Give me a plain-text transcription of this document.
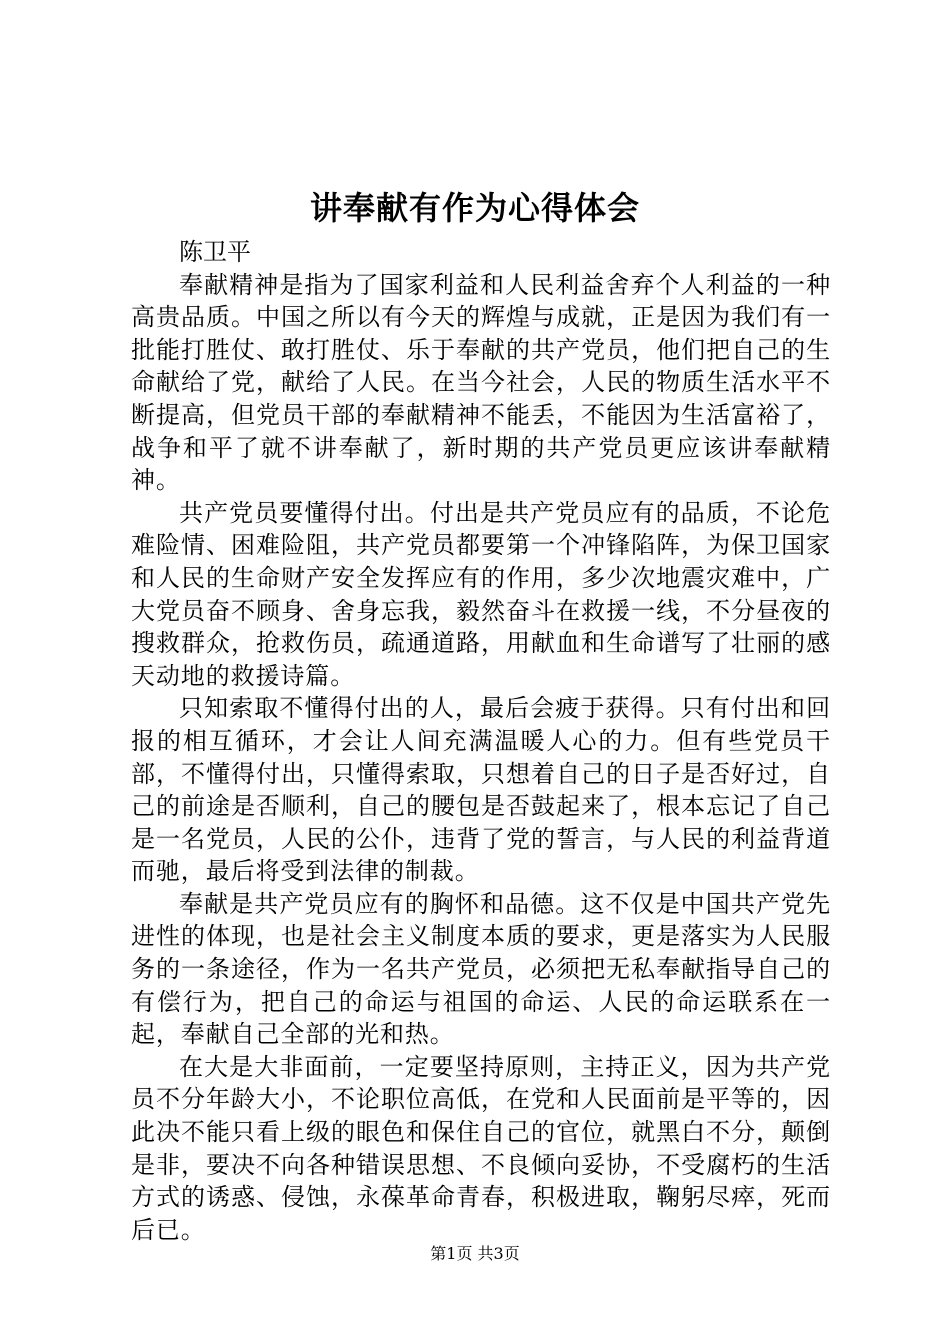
讲奉献有作为心得体会

陈卫平

奉献精神是指为了国家利益和人民利益舍弃个人利益的一种高贵品质。中国之所以有今天的辉煌与成就，正是因为我们有一批能打胜仗、敢打胜仗、乐于奉献的共产党员，他们把自己的生命献给了党，献给了人民。在当今社会，人民的物质生活水平不断提高，但党员干部的奉献精神不能丢，不能因为生活富裕了，战争和平了就不讲奉献了，新时期的共产党员更应该讲奉献精神。

共产党员要懂得付出。付出是共产党员应有的品质，不论危难险情、困难险阻，共产党员都要第一个冲锋陷阵，为保卫国家和人民的生命财产安全发挥应有的作用，多少次地震灾难中，广大党员奋不顾身、舍身忘我，毅然奋斗在救援一线，不分昼夜的搜救群众，抢救伤员，疏通道路，用献血和生命谱写了壮丽的感天动地的救援诗篇。

只知索取不懂得付出的人，最后会疲于获得。只有付出和回报的相互循环，才会让人间充满温暖人心的力。但有些党员干部，不懂得付出，只懂得索取，只想着自己的日子是否好过，自己的前途是否顺利，自己的腰包是否鼓起来了，根本忘记了自己是一名党员，人民的公仆，违背了党的誓言，与人民的利益背道而驰，最后将受到法律的制裁。

奉献是共产党员应有的胸怀和品德。这不仅是中国共产党先进性的体现，也是社会主义制度本质的要求，更是落实为人民服务的一条途径，作为一名共产党员，必须把无私奉献指导自己的有偿行为，把自己的命运与祖国的命运、人民的命运联系在一起，奉献自己全部的光和热。

在大是大非面前，一定要坚持原则，主持正义，因为共产党员不分年龄大小，不论职位高低，在党和人民面前是平等的，因此决不能只看上级的眼色和保住自己的官位，就黑白不分，颠倒是非，要决不向各种错误思想、不良倾向妥协，不受腐朽的生活方式的诱惑、侵蚀，永葆革命青春，积极进取，鞠躬尽瘁，死而后已。

第1页 共3页
